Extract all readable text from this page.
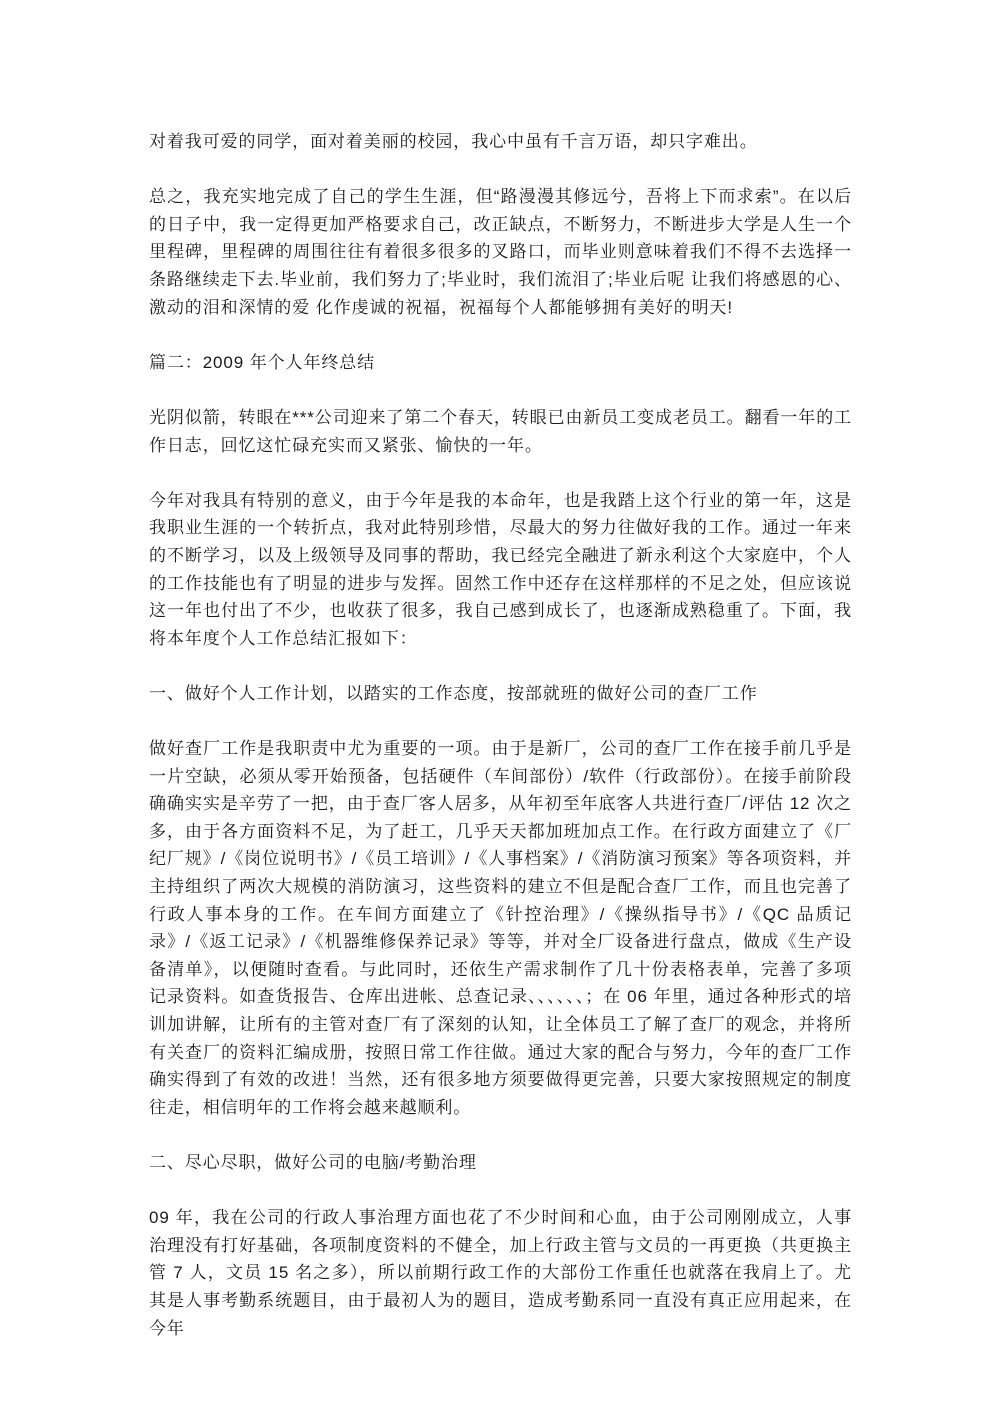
对着我可爱的同学，面对着美丽的校园，我心中虽有千言万语，却只字难出。

总之，我充实地完成了自己的学生生涯，但“路漫漫其修远兮，吾将上下而求索”。在以后的日子中，我一定得更加严格要求自己，改正缺点，不断努力，不断进步大学是人生一个里程碑，里程碑的周围往往有着很多很多的叉路口，而毕业则意味着我们不得不去选择一条路继续走下去.毕业前，我们努力了;毕业时，我们流泪了;毕业后呢 让我们将感恩的心、激动的泪和深情的爱 化作虔诚的祝福，祝福每个人都能够拥有美好的明天!

篇二：2009 年个人年终总结

光阴似箭，转眼在***公司迎来了第二个春天，转眼已由新员工变成老员工。翻看一年的工作日志，回忆这忙碌充实而又紧张、愉快的一年。

今年对我具有特别的意义，由于今年是我的本命年，也是我踏上这个行业的第一年，这是我职业生涯的一个转折点，我对此特别珍惜，尽最大的努力往做好我的工作。通过一年来的不断学习，以及上级领导及同事的帮助，我已经完全融进了新永利这个大家庭中，个人的工作技能也有了明显的进步与发挥。固然工作中还存在这样那样的不足之处，但应该说这一年也付出了不少，也收获了很多，我自己感到成长了，也逐渐成熟稳重了。下面，我将本年度个人工作总结汇报如下：

一、做好个人工作计划，以踏实的工作态度，按部就班的做好公司的查厂工作

做好查厂工作是我职责中尤为重要的一项。由于是新厂，公司的查厂工作在接手前几乎是一片空缺，必须从零开始预备，包括硬件（车间部份）/软件（行政部份）。在接手前阶段确确实实是辛劳了一把，由于查厂客人居多，从年初至年底客人共进行查厂/评估 12 次之多，由于各方面资料不足，为了赶工，几乎天天都加班加点工作。在行政方面建立了《厂纪厂规》/《岗位说明书》/《员工培训》/《人事档案》/《消防演习预案》等各项资料，并主持组织了两次大规模的消防演习，这些资料的建立不但是配合查厂工作，而且也完善了行政人事本身的工作。在车间方面建立了《针控治理》/《操纵指导书》/《QC 品质记录》/《返工记录》/《机器维修保养记录》等等，并对全厂设备进行盘点，做成《生产设备清单》，以便随时查看。与此同时，还依生产需求制作了几十份表格表单，完善了多项记录资料。如查货报告、仓库出进帐、总查记录、、、、、、；在 06 年里，通过各种形式的培训加讲解，让所有的主管对查厂有了深刻的认知，让全体员工了解了查厂的观念，并将所有关查厂的资料汇编成册，按照日常工作往做。通过大家的配合与努力，今年的查厂工作确实得到了有效的改进！当然，还有很多地方须要做得更完善，只要大家按照规定的制度往走，相信明年的工作将会越来越顺利。

二、尽心尽职，做好公司的电脑/考勤治理

09 年，我在公司的行政人事治理方面也花了不少时间和心血，由于公司刚刚成立，人事治理没有打好基础，各项制度资料的不健全，加上行政主管与文员的一再更换（共更换主管 7 人，文员 15 名之多），所以前期行政工作的大部份工作重任也就落在我肩上了。尤其是人事考勤系统题目，由于最初人为的题目，造成考勤系同一直没有真正应用起来，在今年
